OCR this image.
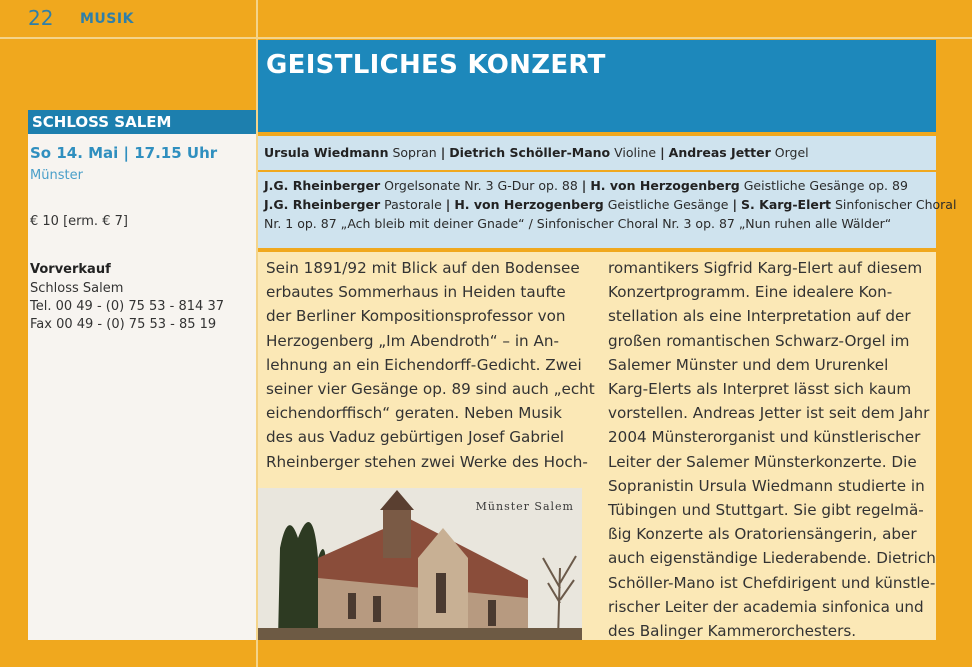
22 MUSIK
SCHLOSS SALEM
So 14. Mai | 17.15 Uhr
Münster
€ 10 [erm. € 7]
Vorverkauf
Schloss Salem
Tel. 00 49 - (0) 75 53 - 814 37
Fax 00 49 - (0) 75 53 - 85 19
GEISTLICHES KONZERT
Ursula Wiedmann Sopran | Dietrich Schöller-Mano Violine | Andreas Jetter Orgel
J.G. Rheinberger Orgelsonate Nr. 3 G-Dur op. 88 | H. von Herzogenberg Geistliche Gesänge op. 89
J.G. Rheinberger Pastorale | H. von Herzogenberg Geistliche Gesänge | S. Karg-Elert Sinfonischer Choral
Nr. 1 op. 87 „Ach bleib mit deiner Gnade“ / Sinfonischer Choral Nr. 3 op. 87 „Nun ruhen alle Wälder“
Sein 1891/92 mit Blick auf den Bodensee
erbautes Sommerhaus in Heiden taufte
der Berliner Kompositionsprofessor von
Herzogenberg „Im Abendroth“ – in An-
lehnung an ein Eichendorff-Gedicht. Zwei
seiner vier Gesänge op. 89 sind auch „echt
eichendorffisch“ geraten. Neben Musik
des aus Vaduz gebürtigen Josef Gabriel
Rheinberger stehen zwei Werke des Hoch-
romantikers Sigfrid Karg-Elert auf diesem
Konzertprogramm. Eine idealere Kon-
stellation als eine Interpretation auf der
großen romantischen Schwarz-Orgel im
Salemer Münster und dem Ururenkel
Karg-Elerts als Interpret lässt sich kaum
vorstellen. Andreas Jetter ist seit dem Jahr
2004 Münsterorganist und künstlerischer
Leiter der Salemer Münsterkonzerte. Die
Sopranistin Ursula Wiedmann studierte in
Tübingen und Stuttgart. Sie gibt regelmä-
ßig Konzerte als Oratoriensängerin, aber
auch eigenständige Liederabende. Dietrich
Schöller-Mano ist Chefdirigent und künstle-
rischer Leiter der academia sinfonica und
des Balinger Kammerorchesters.
Münster Salem
